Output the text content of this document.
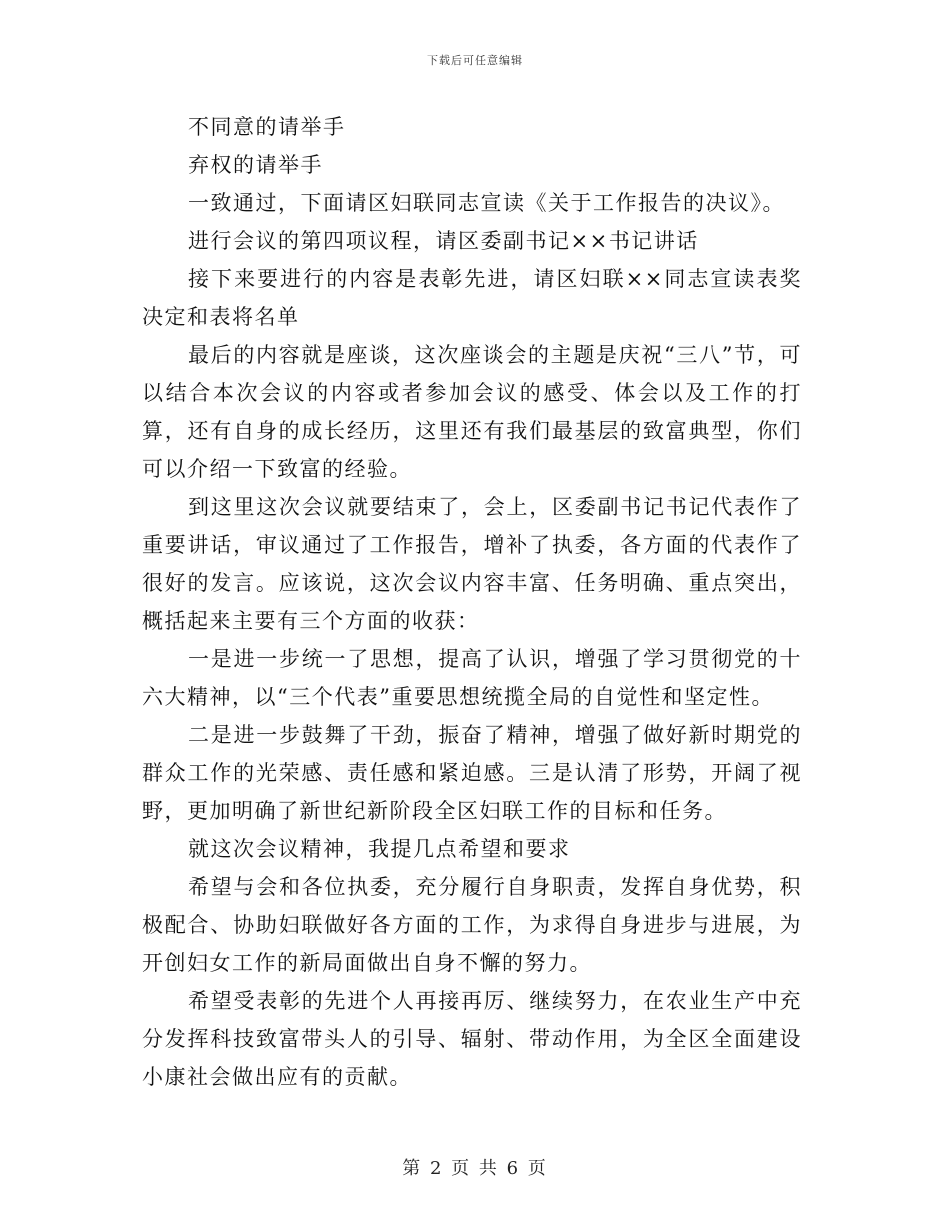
下载后可任意编辑

不同意的请举手

弃权的请举手

一致通过，下面请区妇联同志宣读《关于工作报告的决议》。

进行会议的第四项议程，请区委副书记××书记讲话

接下来要进行的内容是表彰先进，请区妇联××同志宣读表奖决定和表将名单

最后的内容就是座谈，这次座谈会的主题是庆祝“三八”节，可以结合本次会议的内容或者参加会议的感受、体会以及工作的打算，还有自身的成长经历，这里还有我们最基层的致富典型，你们可以介绍一下致富的经验。

到这里这次会议就要结束了，会上，区委副书记书记代表作了重要讲话，审议通过了工作报告，增补了执委，各方面的代表作了很好的发言。应该说，这次会议内容丰富、任务明确、重点突出，概括起来主要有三个方面的收获：

一是进一步统一了思想，提高了认识，增强了学习贯彻党的十六大精神，以“三个代表”重要思想统揽全局的自觉性和坚定性。

二是进一步鼓舞了干劲，振奋了精神，增强了做好新时期党的群众工作的光荣感、责任感和紧迫感。三是认清了形势，开阔了视野，更加明确了新世纪新阶段全区妇联工作的目标和任务。

就这次会议精神，我提几点希望和要求

希望与会和各位执委，充分履行自身职责，发挥自身优势，积极配合、协助妇联做好各方面的工作，为求得自身进步与进展，为开创妇女工作的新局面做出自身不懈的努力。

希望受表彰的先进个人再接再厉、继续努力，在农业生产中充分发挥科技致富带头人的引导、辐射、带动作用，为全区全面建设小康社会做出应有的贡献。

第 2 页 共 6 页
